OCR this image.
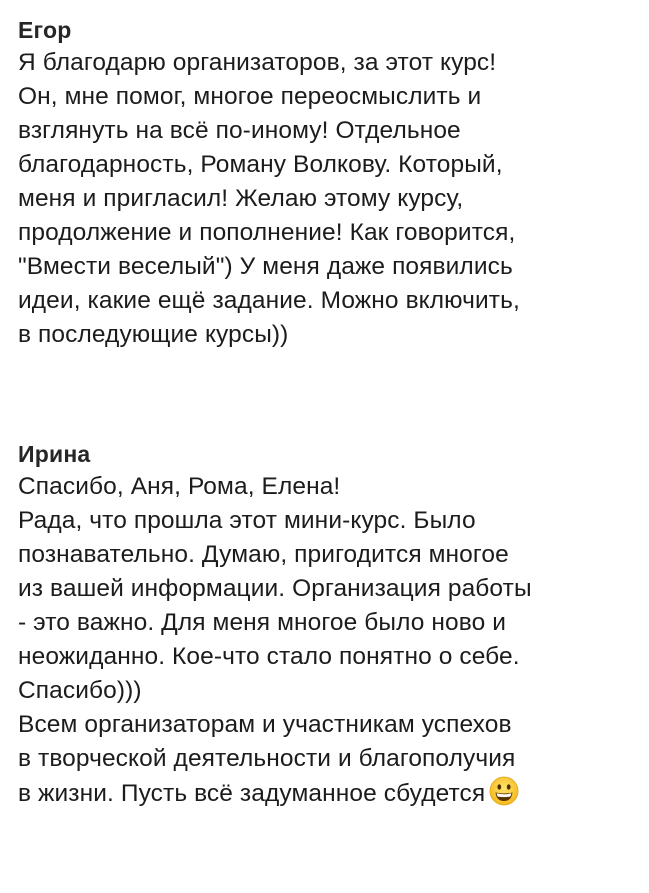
Егор
Я благодарю организаторов, за этот курс!
Он, мне помог, многое переосмыслить и
взглянуть на всё по-иному! Отдельное
благодарность, Роману Волкову. Который,
меня и пригласил! Желаю этому курсу,
продолжение и пополнение! Как говорится,
"Вмести веселый") У меня даже появились
идеи, какие ещё задание. Можно включить,
в последующие курсы))
Ирина
Спасибо, Аня, Рома, Елена!
Рада, что прошла этот мини-курс. Было
познавательно. Думаю, пригодится многое
из вашей информации. Организация работы
- это важно. Для меня многое было ново и
неожиданно. Кое-что стало понятно о себе.
Спасибо)))
Всем организаторам и участникам успехов
в творческой деятельности и благополучия
в жизни. Пусть всё задуманное сбудется
